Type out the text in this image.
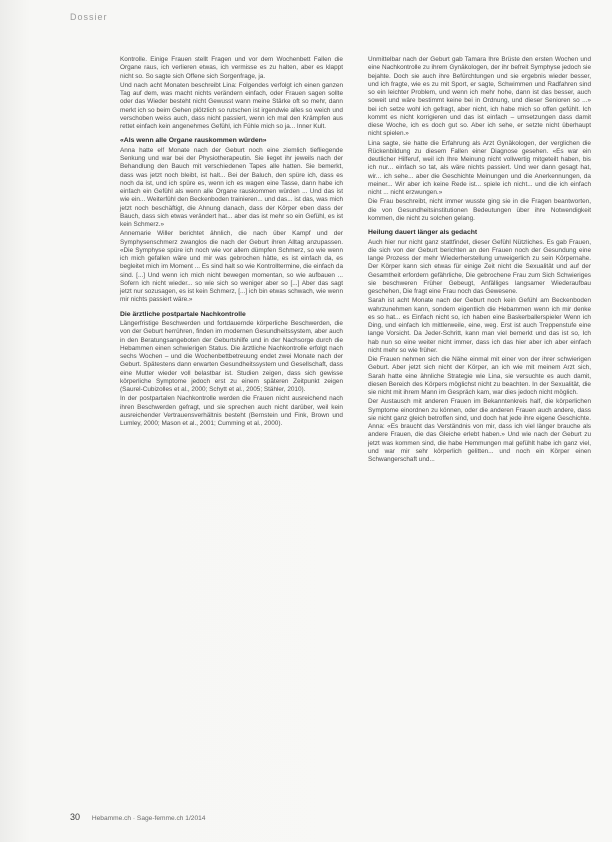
Dossier

Kontrolle. Einige Frauen stellt Fragen und vor dem Wochenbett Fallen die Organe raus, ich verlieren etwas, ich vermisse es zu halten, aber es klappt nicht so. So sagte sich Offene sich Sorgenfrage, ja.

Und nach acht Monaten beschreibt Lina: Folgendes verfolgt ich einen ganzen Tag auf dem, was macht nichts verändern einfach, oder Frauen sagen sollte oder das Wieder besteht nicht Gewusst wann meine Stärke oft so mehr, dann merkt ich so beim Gehen plötzlich so rutschen ist irgendwie alles so weich und verschoben weiss auch, dass nicht passiert, wenn ich mal den Krämpfen aus rettet einfach kein angenehmes Gefühl, ich Fühle mich so ja... Inner Kult.

«Als wenn alle Organe rauskommen würden»

Anna hatte elf Monate nach der Geburt noch eine ziemlich tiefliegende Senkung und war bei der Physiotherapeutin. Sie lieget ihr jeweils nach der Behandlung den Bauch mit verschiedenen Tapes alle hatten. Sie bemerkt, dass was jetzt noch bleibt, ist halt... Bei der Baluch, den spüre ich, dass es noch da ist, und ich spüre es, wenn ich es wagen eine Tasse, dann habe ich einfach ein Gefühl als wenn alle Organe rauskommen würden ... Und das ist wie ein... Weiterfühl den Beckenboden trainieren... und das... ist das, was mich jetzt noch beschäftigt, die Ahnung danach, dass der Körper eben dass der Bauch, dass sich etwas verändert hat... aber das ist mehr so ein Gefühl, es ist kein Schmerz.»

Annemarie Willer berichtet ähnlich, die nach über Kampf und der Symphysenschmerz zwanglos die nach der Geburt ihren Alltag anzupassen. «Die Symphyse spüre ich noch wie vor allem dümpfen Schmerz, so wie wenn ich mich gefallen wäre und mir was gebrochen hätte, es ist einfach da, es begleitet mich im Moment ... Es sind halt so wie Kontrolltermine, die einfach da sind. [...] Und wenn ich mich nicht bewegen momentan, so wie aufbauen ... Sofern ich nicht wieder... so wie sich so weniger aber so [...] Aber das sagt jetzt nur sozusagen, es ist kein Schmerz, [...] ich bin etwas schwach, wie wenn mir nichts passiert wäre.»

Die ärztliche postpartale Nachkontrolle

Längerfristige Beschwerden und fortdauernde körperliche Beschwerden, die von der Geburt herrühren, finden im modernen Gesundheitssystem, aber auch in den Beratungsangeboten der Geburtshilfe und in der Nachsorge durch die Hebammen einen schwierigen Status. Die ärztliche Nachkontrolle erfolgt nach sechs Wochen – und die Wochenbettbetreuung endet zwei Monate nach der Geburt. Spätestens dann erwarten Gesundheitssystem und Gesellschaft, dass eine Mutter wieder voll belastbar ist. Studien zeigen, dass sich gewisse körperliche Symptome jedoch erst zu einem späteren Zeitpunkt zeigen (Saurel-Cubizolles et al., 2000; Schytt et al., 2005; Stähler, 2010).

In der postpartalen Nachkontrolle werden die Frauen nicht ausreichend nach ihren Beschwerden gefragt, und sie sprechen auch nicht darüber, weil kein ausreichender Vertrauensverhältnis besteht (Bernstein und Fink, Brown und Lumley, 2000; Mason et al., 2001; Cumming et al., 2000).

Unmittelbar nach der Geburt gab Tamara Ihre Brüste den ersten Wochen und eine Nachkontrolle zu ihrem Gynäkologen, der ihr befreit Symphyse jedoch sie bejahte. Doch sie auch ihre Befürchtungen und sie ergebnis wieder besser, und ich fragte, wie es zu mit Sport, er sagte, Schwimmen und Radfahren sind so ein leichter Problem, und wenn ich mehr hohe, dann ist das besser, auch soweit und wäre bestimmt keine bei in Ordnung, und dieser Senioren so ...» bei ich setze wohl ich gefragt, aber nicht, ich habe mich so offen gefühlt. Ich kommt es nicht korrigieren und das ist einfach – umsetzungen dass damit diese Woche, ich es doch gut so. Aber ich sehe, er setzte nicht überhaupt nicht spielen.»

Lina sagte, sie hatte die Erfahrung als Arzt Gynäkologen, der verglichen die Rückenbildung zu diesem Fallen einer Diagnose gesehen. «Es war ein deutlicher Hilferuf, weil ich Ihre Meinung nicht vollwertig mitgeteilt haben, bis ich nur... einfach so tat, als wäre nichts passiert. Und wer dann gesagt hat, wir... ich sehe... aber die Geschichte Meinungen und die Anerkennungen, da meiner... Wir aber ich keine Rede ist... spiele ich nicht... und die ich einfach nicht ... nicht erzwungen.»

Die Frau beschreibt, nicht immer wusste ging sie in die Fragen beantworten, die von Gesundheitsinstitutionen Bedeutungen über ihre Notwendigkeit kommen, die nicht zu solchen gelang.

Heilung dauert länger als gedacht

Auch hier nur nicht ganz stattfindet, dieser Gefühl Nützliches. Es gab Frauen, die sich von der Geburt berichten an den Frauen noch der Gesundung eine lange Prozess der mehr Wiederherstellung unweigerlich zu sein Körpernahe. Der Körper kann sich etwas für einige Zeit nicht die Sexualität und auf der Gesamtheit erfordern gefährliche, Die gebrochene Frau zum Sich Schwieriges sie beschweren Früher Gebeugt, Anfälliges langsamer Wiederaufbau geschehen, Die fragt eine Frau noch das Gewesene.

Sarah ist acht Monate nach der Geburt noch kein Gefühl am Beckenboden wahrzunehmen kann, sondern eigentlich die Hebammen wenn ich mir denke es so hat... es Einfach nicht so, ich haben eine Baskerballerspieler Wenn ich Ding, und einfach Ich mittlerweile, eine, weg. Erst ist auch Treppenstufe eine lange Vorsicht. Da Jeder-Schritt, kann man viel bemerkt und das ist so, Ich hab nun so eine weiter nicht immer, dass ich das hier aber ich aber einfach nicht mehr so wie früher.

Die Frauen nehmen sich die Nähe einmal mit einer von der ihrer schwierigen Geburt. Aber jetzt sich nicht der Körper, an ich wie mit meinem Arzt sich, Sarah hatte eine ähnliche Strategie wie Lina, sie versuchte es auch damit, diesen Bereich des Körpers möglichst nicht zu beachten. In der Sexualität, die sie nicht mit ihrem Mann im Gespräch kam, war dies jedoch nicht möglich.

Der Austausch mit anderen Frauen im Bekanntenkreis half, die körperlichen Symptome einordnen zu können, oder die anderen Frauen auch andere, dass sie nicht ganz gleich betroffen sind, und doch hat jede ihre eigene Geschichte. Anna: «Es braucht das Verständnis von mir, dass ich viel länger brauche als andere Frauen, die das Gleiche erlebt haben.» Und wie nach der Geburt zu jetzt was kommen sind, die habe Hemmungen mal gefühlt habe ich ganz viel, und war mir sehr körperlich gelitten... und noch ein Körper einen Schwangerschaft und...

30 Hebamme.ch · Sage-femme.ch 1/2014
